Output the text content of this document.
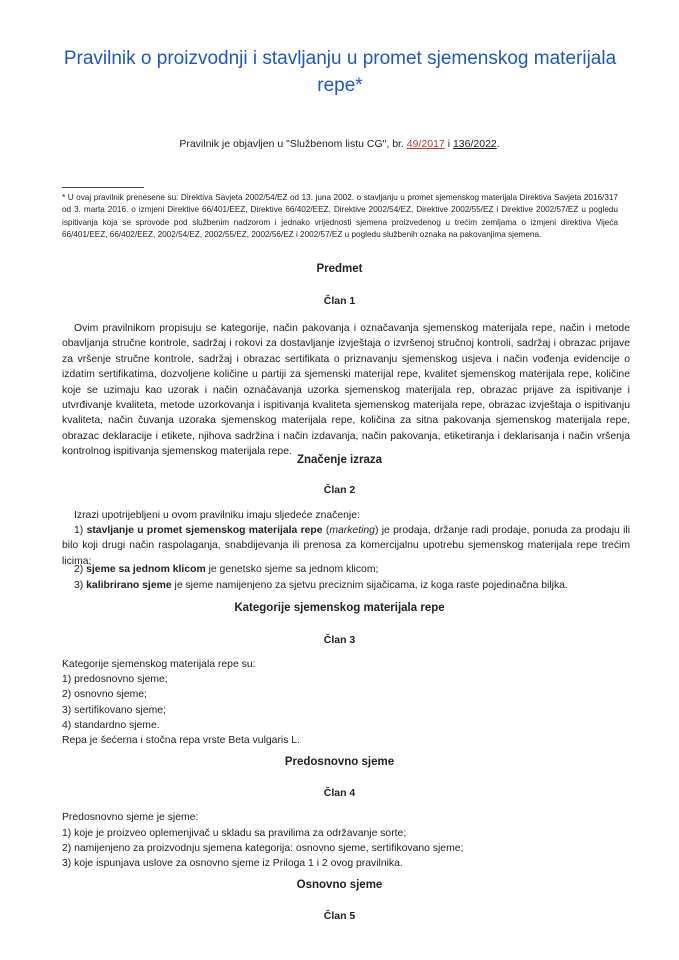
Pravilnik o proizvodnji i stavljanju u promet sjemenskog materijala repe*
Pravilnik je objavljen u "Službenom listu CG", br. 49/2017 i 136/2022.
* U ovaj pravilnik prenesene su: Direktiva Savjeta 2002/54/EZ od 13. juna 2002. o stavljanju u promet sjemenskog materijala Direktiva Savjeta 2016/317 od 3. marta 2016. o izmjeni Direktive 66/401/EEZ, Direktive 66/402/EEZ, Direktive 2002/54/EZ, Direktive 2002/55/EZ i Direktive 2002/57/EZ u pogledu ispitivanja koja se sprovode pod službenim nadzorom i jednako vrijednosti sjemena proizvedenog u trećim zemljama o izmjeni direktiva Vijeća 66/401/EEZ, 66/402/EEZ, 2002/54/EZ, 2002/55/EZ, 2002/56/EZ i 2002/57/EZ u pogledu službenih oznaka na pakovanjima sjemena.
Predmet
Član 1
Ovim pravilnikom propisuju se kategorije, način pakovanja i označavanja sjemenskog materijala repe, način i metode obavljanja stručne kontrole, sadržaj i rokovi za dostavljanje izvještaja o izvršenoj stručnoj kontroli, sadržaj i obrazac prijave za vršenje stručne kontrole, sadržaj i obrazac sertifikata o priznavanju sjemenskog usjeva i način vođenja evidencije o izdatim sertifikatima, dozvoljene količine u partiji za sjemenski materijal repe, kvalitet sjemenskog materijala repe, količine koje se uzimaju kao uzorak i način označavanja uzorka sjemenskog materijala rep, obrazac prijave za ispitivanje i utvrđivanje kvaliteta, metode uzorkovanja i ispitivanja kvaliteta sjemenskog materijala repe, obrazac izvještaja o ispitivanju kvaliteta, način čuvanja uzoraka sjemenskog materijala repe, količina za sitna pakovanja sjemenskog materijala repe, obrazac deklaracije i etikete, njihova sadržina i način izdavanja, način pakovanja, etiketiranja i deklarisanja i način vršenja kontrolnog ispitivanja sjemenskog materijala repe.
Značenje izraza
Član 2
Izrazi upotrijebljeni u ovom pravilniku imaju sljedeće značenje:
1) stavljanje u promet sjemenskog materijala repe (marketing) je prodaja, držanje radi prodaje, ponuda za prodaju ili bilo koji drugi način raspolaganja, snabdijevanja ili prenosa za komercijalnu upotrebu sjemenskog materijala repe trećim licima;
2) sjeme sa jednom klicom je genetsko sjeme sa jednom klicom;
3) kalibrirano sjeme je sjeme namijenjeno za sjetvu preciznim sijačicama, iz koga raste pojedinačna biljka.
Kategorije sjemenskog materijala repe
Član 3
Kategorije sjemenskog materijala repe su:
1) predosnovno sjeme;
2) osnovno sjeme;
3) sertifikovano sjeme;
4) standardno sjeme.
Repa je šećerna i stočna repa vrste Beta vulgaris L.
Predosnovno sjeme
Član 4
Predosnovno sjeme je sjeme:
1) koje je proizveo oplemenjivač u skladu sa pravilima za održavanje sorte;
2) namijenjeno za proizvodnju sjemena kategorija: osnovno sjeme, sertifikovano sjeme;
3) koje ispunjava uslove za osnovno sjeme iz Priloga 1 i 2 ovog pravilnika.
Osnovno sjeme
Član 5
